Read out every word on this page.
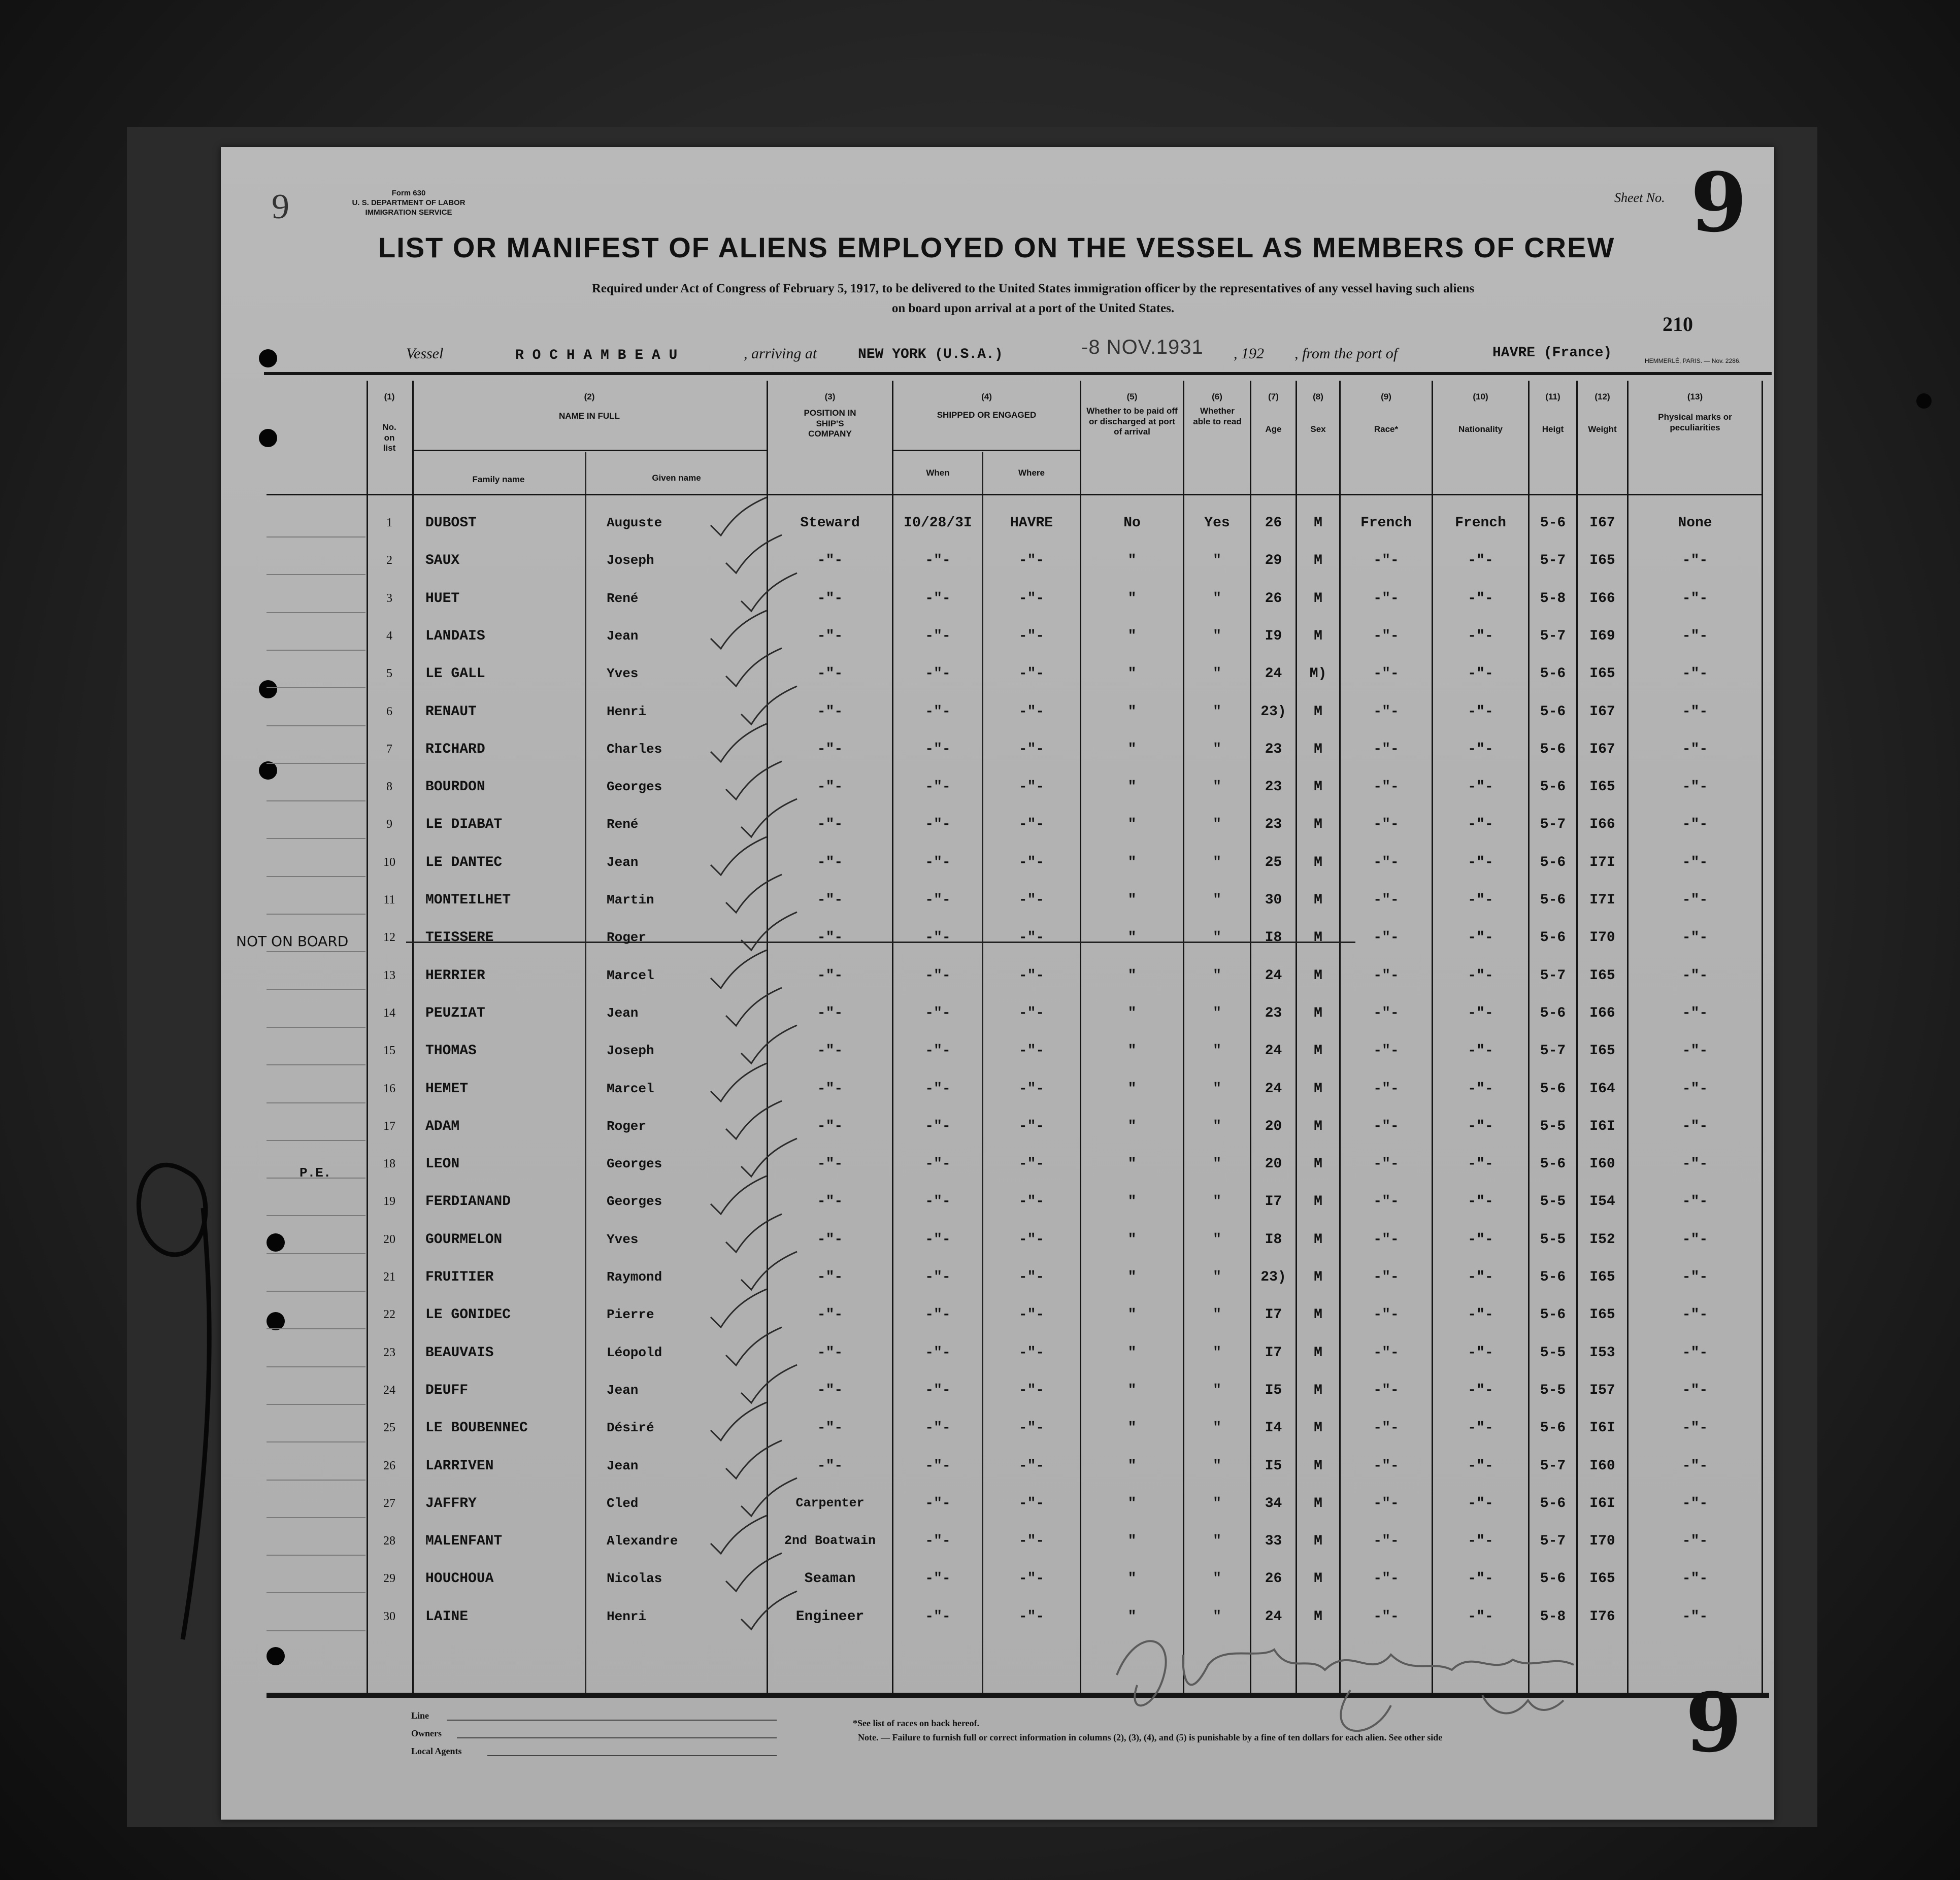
9	Form 630
U. S. DEPARTMENT OF LABOR
IMMIGRATION SERVICE
Sheet No. 9
LIST OR MANIFEST OF ALIENS EMPLOYED ON THE VESSEL AS MEMBERS OF CREW
Required under Act of Congress of February 5, 1917, to be delivered to the United States immigration officer by the representatives of any vessel having such aliens
on board upon arrival at a port of the United States.
210
Vessel	R O C H A M B E A U	, arriving at	NEW YORK (U.S.A.)	-8 NOV.1931 , 192 , from the port of	HAVRE (France)	HEMMERLÉ, PARIS. — Nov. 2286.
(1)
No. on list
(2)
NAME IN FULL
Family name	Given name
(3)
POSITION IN SHIP'S COMPANY
(4)
SHIPPED OR ENGAGED
When	Where
(5)
Whether to be paid off or discharged at port of arrival
(6)
Whether able to read
(7)
Age
(8)
Sex
(9)
Race*
(10)
Nationality
(11)
Heigt
(12)
Weight
(13)
Physical marks or peculiarities
1	DUBOST	Auguste	Steward	I0/28/3I	HAVRE	No	Yes	26	M	French	French	5-6	I67	None
2	SAUX	Joseph	-"-	-"-	-"-	"	"	29	M	-"-	-"-	5-7	I65	-"-
3	HUET	René	-"-	-"-	-"-	"	"	26	M	-"-	-"-	5-8	I66	-"-
4	LANDAIS	Jean	-"-	-"-	-"-	"	"	I9	M	-"-	-"-	5-7	I69	-"-
5	LE GALL	Yves	-"-	-"-	-"-	"	"	24	M)	-"-	-"-	5-6	I65	-"-
6	RENAUT	Henri	-"-	-"-	-"-	"	"	23)	M	-"-	-"-	5-6	I67	-"-
7	RICHARD	Charles	-"-	-"-	-"-	"	"	23	M	-"-	-"-	5-6	I67	-"-
8	BOURDON	Georges	-"-	-"-	-"-	"	"	23	M	-"-	-"-	5-6	I65	-"-
9	LE DIABAT	René	-"-	-"-	-"-	"	"	23	M	-"-	-"-	5-7	I66	-"-
10	LE DANTEC	Jean	-"-	-"-	-"-	"	"	25	M	-"-	-"-	5-6	I7I	-"-
11	MONTEILHET	Martin	-"-	-"-	-"-	"	"	30	M	-"-	-"-	5-6	I7I	-"-
12	TEISSERE	Roger	-"-	-"-	-"-	"	"	I8	M	-"-	-"-	5-6	I70	-"-
13	HERRIER	Marcel	-"-	-"-	-"-	"	"	24	M	-"-	-"-	5-7	I65	-"-
14	PEUZIAT	Jean	-"-	-"-	-"-	"	"	23	M	-"-	-"-	5-6	I66	-"-
15	THOMAS	Joseph	-"-	-"-	-"-	"	"	24	M	-"-	-"-	5-7	I65	-"-
16	HEMET	Marcel	-"-	-"-	-"-	"	"	24	M	-"-	-"-	5-6	I64	-"-
17	ADAM	Roger	-"-	-"-	-"-	"	"	20	M	-"-	-"-	5-5	I6I	-"-
18	LEON	Georges	-"-	-"-	-"-	"	"	20	M	-"-	-"-	5-6	I60	-"-
19	FERDIANAND	Georges	-"-	-"-	-"-	"	"	I7	M	-"-	-"-	5-5	I54	-"-
20	GOURMELON	Yves	-"-	-"-	-"-	"	"	I8	M	-"-	-"-	5-5	I52	-"-
21	FRUITIER	Raymond	-"-	-"-	-"-	"	"	23)	M	-"-	-"-	5-6	I65	-"-
22	LE GONIDEC	Pierre	-"-	-"-	-"-	"	"	I7	M	-"-	-"-	5-6	I65	-"-
23	BEAUVAIS	Léopold	-"-	-"-	-"-	"	"	I7	M	-"-	-"-	5-5	I53	-"-
24	DEUFF	Jean	-"-	-"-	-"-	"	"	I5	M	-"-	-"-	5-5	I57	-"-
25	LE BOUBENNEC	Désiré	-"-	-"-	-"-	"	"	I4	M	-"-	-"-	5-6	I6I	-"-
26	LARRIVEN	Jean	-"-	-"-	-"-	"	"	I5	M	-"-	-"-	5-7	I60	-"-
27	JAFFRY	Cled	Carpenter	-"-	-"-	"	"	34	M	-"-	-"-	5-6	I6I	-"-
28	MALENFANT	Alexandre	2nd Boatwain	-"-	-"-	"	"	33	M	-"-	-"-	5-7	I70	-"-
29	HOUCHOUA	Nicolas	Seaman	-"-	-"-	"	"	26	M	-"-	-"-	5-6	I65	-"-
30	LAINE	Henri	Engineer	-"-	-"-	"	"	24	M	-"-	-"-	5-8	I76	-"-
NOT ON BOARD
P.E.
Line
Owners
Local Agents
*See list of races on back hereof.
Note. — Failure to furnish full or correct information in columns (2), (3), (4), and (5) is punishable by a fine of ten dollars for each alien. See other side	9
